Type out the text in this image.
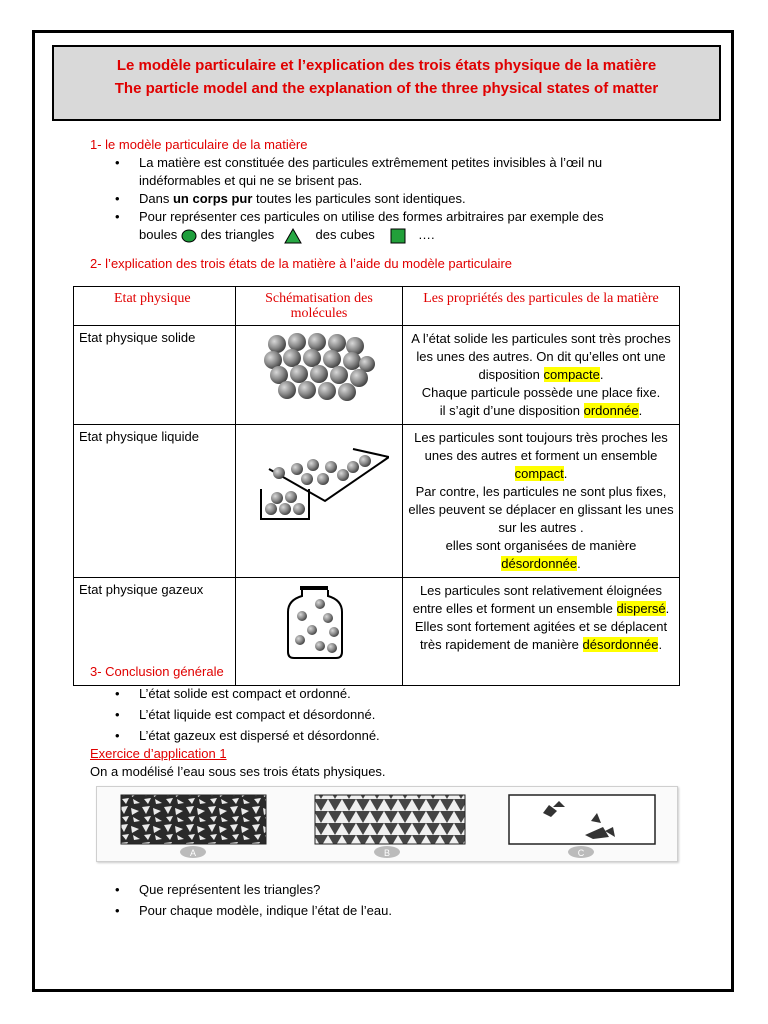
Le modèle particulaire et l’explication des trois états physique de la matière
The particle model and the explanation of the three physical states of matter
1- le modèle particulaire de la matière
• La matière est constituée des particules extrêmement petites invisibles à l’œil nu indéformables et qui ne se brisent pas.
• Dans un corps pur toutes les particules sont identiques.
• Pour représenter ces particules on utilise des formes arbitraires par exemple des
boules des triangles	des cubes	….
2- l’explication des trois états de la matière à l’aide du modèle particulaire
Etat physique	Schématisation des molécules	Les propriétés des particules de la matière
Etat physique solide		A l’état solide les particules sont très proches les unes des autres. On dit qu’elles ont une disposition compacte.
Chaque particule possède une place fixe.
il s’agit d’une disposition ordonnée.
Etat physique liquide		Les particules sont toujours très proches les unes des autres et forment un ensemble compact.
Par contre, les particules ne sont plus fixes, elles peuvent se déplacer en glissant les unes sur les autres .
elles sont organisées de manière désordonnée.
Etat physique gazeux		Les particules sont relativement éloignées entre elles et forment un ensemble dispersé.
Elles sont fortement agitées et se déplacent très rapidement de manière désordonnée.
3- Conclusion générale
• L’état solide est compact et ordonné.
• L’état liquide est compact et désordonné.
• L’état gazeux est dispersé et désordonné.
Exercice d’application 1
On a modélisé l’eau sous ses trois états physiques.
A	B	C
• Que représentent les triangles?
• Pour chaque modèle, indique l’état de l’eau.
